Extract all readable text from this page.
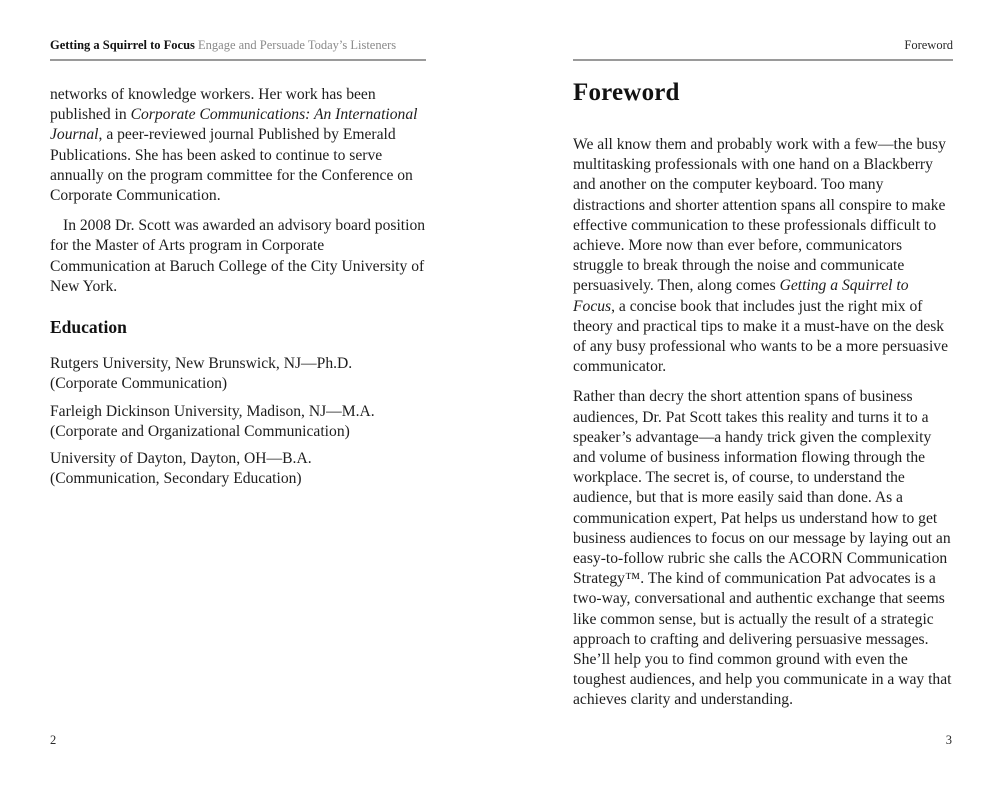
Getting a Squirrel to Focus Engage and Persuade Today’s Listeners

networks of knowledge workers. Her work has been published in Corporate Communications: An International Journal, a peer-reviewed journal Published by Emerald Publications. She has been asked to continue to serve annually on the program committee for the Conference on Corporate Communication.

In 2008 Dr. Scott was awarded an advisory board position for the Master of Arts program in Corporate Communication at Baruch College of the City University of New York.

Education
Rutgers University, New Brunswick, NJ—Ph.D.
(Corporate Communication)
Farleigh Dickinson University, Madison, NJ—M.A.
(Corporate and Organizational Communication)
University of Dayton, Dayton, OH—B.A.
(Communication, Secondary Education)
Foreword
Foreword

We all know them and probably work with a few—the busy multitasking professionals with one hand on a Blackberry and another on the computer keyboard. Too many distractions and shorter attention spans all conspire to make effective communication to these professionals difficult to achieve. More now than ever before, communicators struggle to break through the noise and communicate persuasively. Then, along comes Getting a Squirrel to Focus, a concise book that includes just the right mix of theory and practical tips to make it a must-have on the desk of any busy professional who wants to be a more persuasive communicator.

Rather than decry the short attention spans of business audiences, Dr. Pat Scott takes this reality and turns it to a speaker’s advantage—a handy trick given the complexity and volume of business information flowing through the workplace. The secret is, of course, to understand the audience, but that is more easily said than done. As a communication expert, Pat helps us understand how to get business audiences to focus on our message by laying out an easy-to-follow rubric she calls the ACORN Communication Strategy™. The kind of communication Pat advocates is a two-way, conversational and authentic exchange that seems like common sense, but is actually the result of a strategic approach to crafting and delivering persuasive messages. She’ll help you to find common ground with even the toughest audiences, and help you communicate in a way that achieves clarity and understanding.

2	3
